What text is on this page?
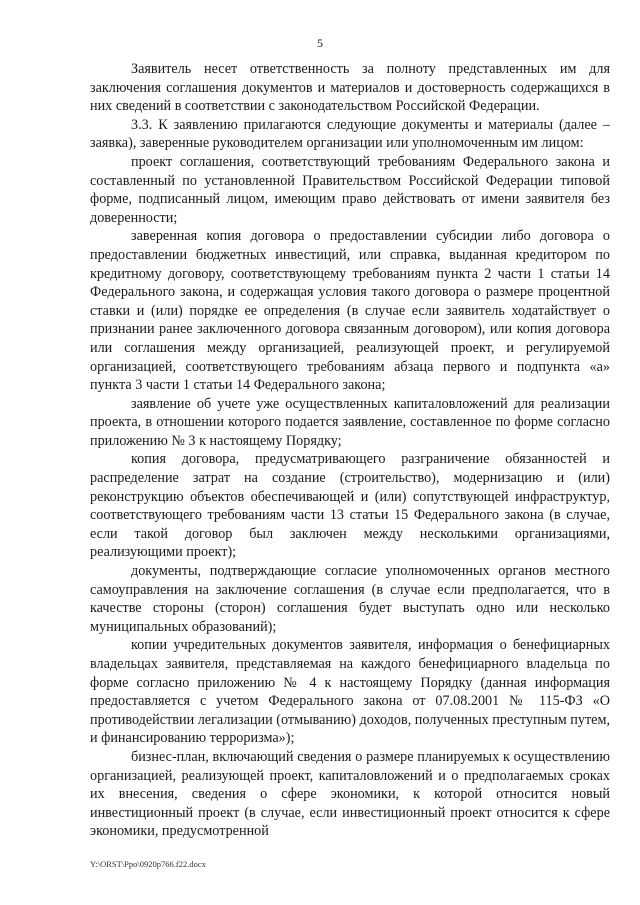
5

Заявитель несет ответственность за полноту представленных им для заключения соглашения документов и материалов и достоверность содержащихся в них сведений в соответствии с законодательством Российской Федерации.

3.3. К заявлению прилагаются следующие документы и материалы (далее – заявка), заверенные руководителем организации или уполномоченным им лицом:

проект соглашения, соответствующий требованиям Федерального закона и составленный по установленной Правительством Российской Федерации типовой форме, подписанный лицом, имеющим право действовать от имени заявителя без доверенности;

заверенная копия договора о предоставлении субсидии либо договора о предоставлении бюджетных инвестиций, или справка, выданная кредитором по кредитному договору, соответствующему требованиям пункта 2 части 1 статьи 14 Федерального закона, и содержащая условия такого договора о размере процентной ставки и (или) порядке ее определения (в случае если заявитель ходатайствует о признании ранее заключенного договора связанным договором), или копия договора или соглашения между организацией, реализующей проект, и регулируемой организацией, соответствующего требованиям абзаца первого и подпункта «а» пункта 3 части 1 статьи 14 Федерального закона;

заявление об учете уже осуществленных капиталовложений для реализации проекта, в отношении которого подается заявление, составленное по форме согласно приложению № 3 к настоящему Порядку;

копия договора, предусматривающего разграничение обязанностей и распределение затрат на создание (строительство), модернизацию и (или) реконструкцию объектов обеспечивающей и (или) сопутствующей инфраструктур, соответствующего требованиям части 13 статьи 15 Федерального закона (в случае, если такой договор был заключен между несколькими организациями, реализующими проект);

документы, подтверждающие согласие уполномоченных органов местного самоуправления на заключение соглашения (в случае если предполагается, что в качестве стороны (сторон) соглашения будет выступать одно или несколько муниципальных образований);

копии учредительных документов заявителя, информация о бенефициарных владельцах заявителя, представляемая на каждого бенефициарного владельца по форме согласно приложению № 4 к настоящему Порядку (данная информация предоставляется с учетом Федерального закона от 07.08.2001 № 115-ФЗ «О противодействии легализации (отмыванию) доходов, полученных преступным путем, и финансированию терроризма»);

бизнес-план, включающий сведения о размере планируемых к осуществлению организацией, реализующей проект, капиталовложений и о предполагаемых сроках их внесения, сведения о сфере экономики, к которой относится новый инвестиционный проект (в случае, если инвестиционный проект относится к сфере экономики, предусмотренной

Y:\ORST\Ppo\0920p766.f22.docx
